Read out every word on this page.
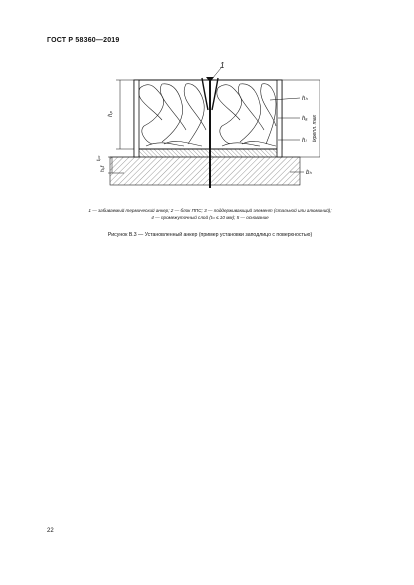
ГОСТ Р 58360—2019
1
hₚ
tᵢₙₜ
hₑf
hₕ
hₐ
hₗ tкрепл. max
bₕ
1 — забиваемый термический анкер; 2 — блок ППС; 3 — поддерживающий элемент (стальной или алюминий);
4 — промежуточный слой (tₕₗ ≤ 10 мм); 5 — основание
Рисунок В.3 — Установленный анкер (пример установки заподлицо с поверхностью)
22
